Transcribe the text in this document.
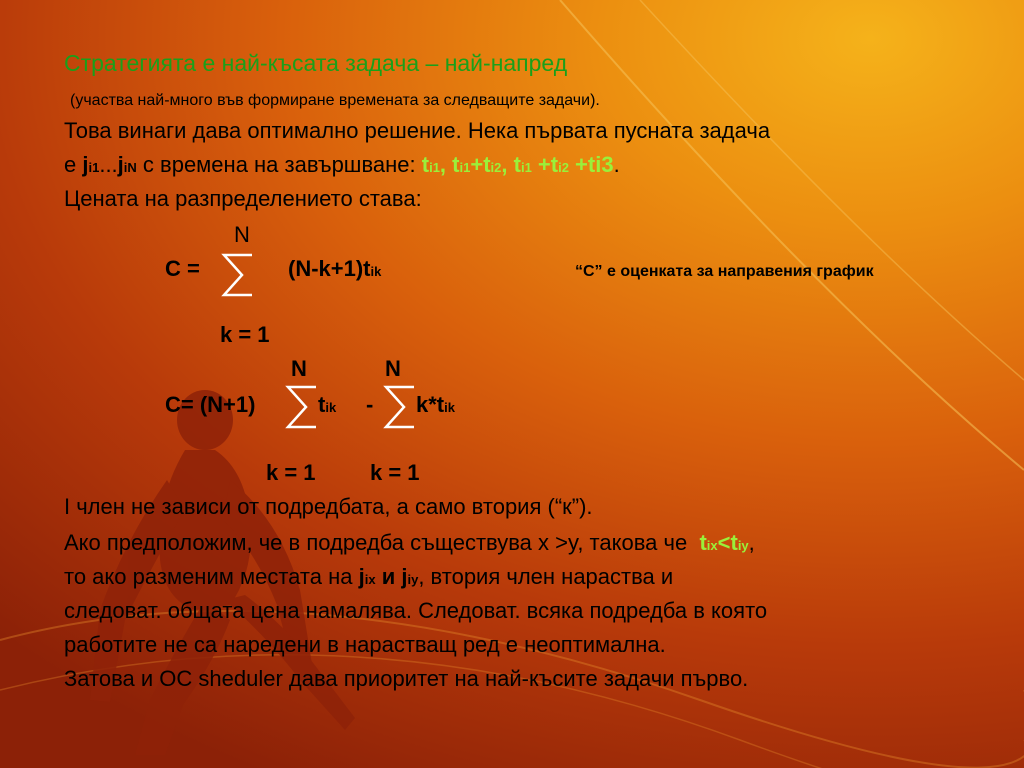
Стратегията е най-късата задача – най-напред
(участва най-много във формиране времената за следващите задачи).
Това винаги дава оптимално решение. Нека първата пусната задача
е ji1...jiN с времена на завършване: ti1, ti1+ti2, ti1 +ti2 +ti3.
Цената на разпределението става:
N
C =	(N-k+1)tik	“C” е оценката за направения график
k = 1
N	N
C= (N+1)	tik - k*tik
k = 1 k = 1
I член не зависи от подредбата, а само втория (“к”).
Ако предположим, че в подредба съществува x >y, такова че tix<tiy,
то ако разменим местата на jix и jiy, втория член нараства и
следоват. общата цена намалява. Следоват. всяка подредба в която
работите не са наредени в нарастващ ред е неоптимална.
Затова и ОС sheduler дава приоритет на най-късите задачи първо.
